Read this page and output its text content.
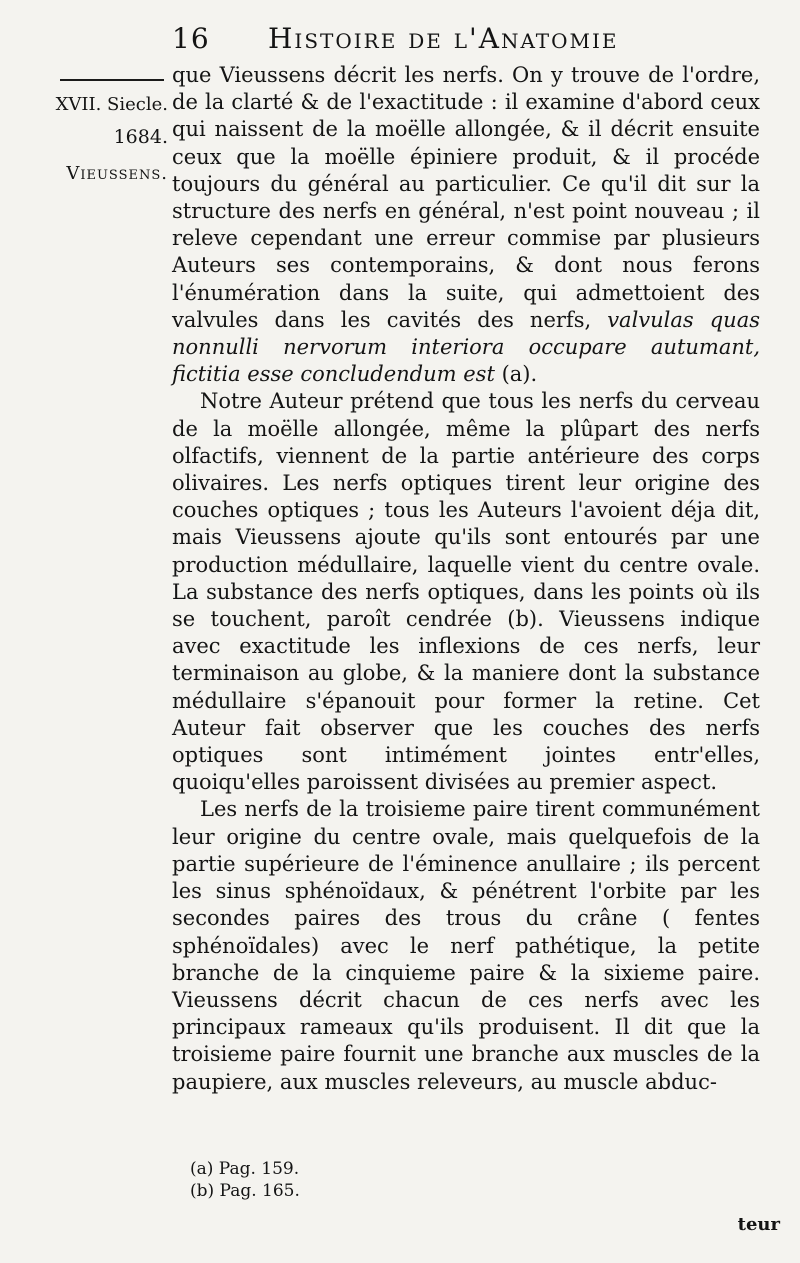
16 Histoire de l'Anatomie
XVII. Siecle.
1684.
Vieussens.

que Vieussens décrit les nerfs. On y trouve de l'ordre, de la clarté & de l'exactitude : il examine d'abord ceux qui naissent de la moëlle allongée, & il décrit ensuite ceux que la moëlle épiniere produit, & il procéde toujours du général au particulier. Ce qu'il dit sur la structure des nerfs en général, n'est point nouveau ; il releve cependant une erreur commise par plusieurs Auteurs ses contemporains, & dont nous ferons l'énumération dans la suite, qui admettoient des valvules dans les cavités des nerfs, valvulas quas nonnulli nervorum interiora occupare autumant, fictitia esse concludendum est (a).

Notre Auteur prétend que tous les nerfs du cerveau de la moëlle allongée, même la plûpart des nerfs olfactifs, viennent de la partie antérieure des corps olivaires. Les nerfs optiques tirent leur origine des couches optiques ; tous les Auteurs l'avoient déja dit, mais Vieussens ajoute qu'ils sont entourés par une production médullaire, laquelle vient du centre ovale. La substance des nerfs optiques, dans les points où ils se touchent, paroît cendrée (b). Vieussens indique avec exactitude les inflexions de ces nerfs, leur terminaison au globe, & la maniere dont la substance médullaire s'épanouit pour former la retine. Cet Auteur fait observer que les couches des nerfs optiques sont intimément jointes entr'elles, quoiqu'elles paroissent divisées au premier aspect.

Les nerfs de la troisieme paire tirent communément leur origine du centre ovale, mais quelquefois de la partie supérieure de l'éminence anullaire ; ils percent les sinus sphénoïdaux, & pénétrent l'orbite par les secondes paires des trous du crâne ( fentes sphénoïdales) avec le nerf pathétique, la petite branche de la cinquieme paire & la sixieme paire. Vieussens décrit chacun de ces nerfs avec les principaux rameaux qu'ils produisent. Il dit que la troisieme paire fournit une branche aux muscles de la paupiere, aux muscles releveurs, au muscle abduc-

(a) Pag. 159.
(b) Pag. 165.
teur
